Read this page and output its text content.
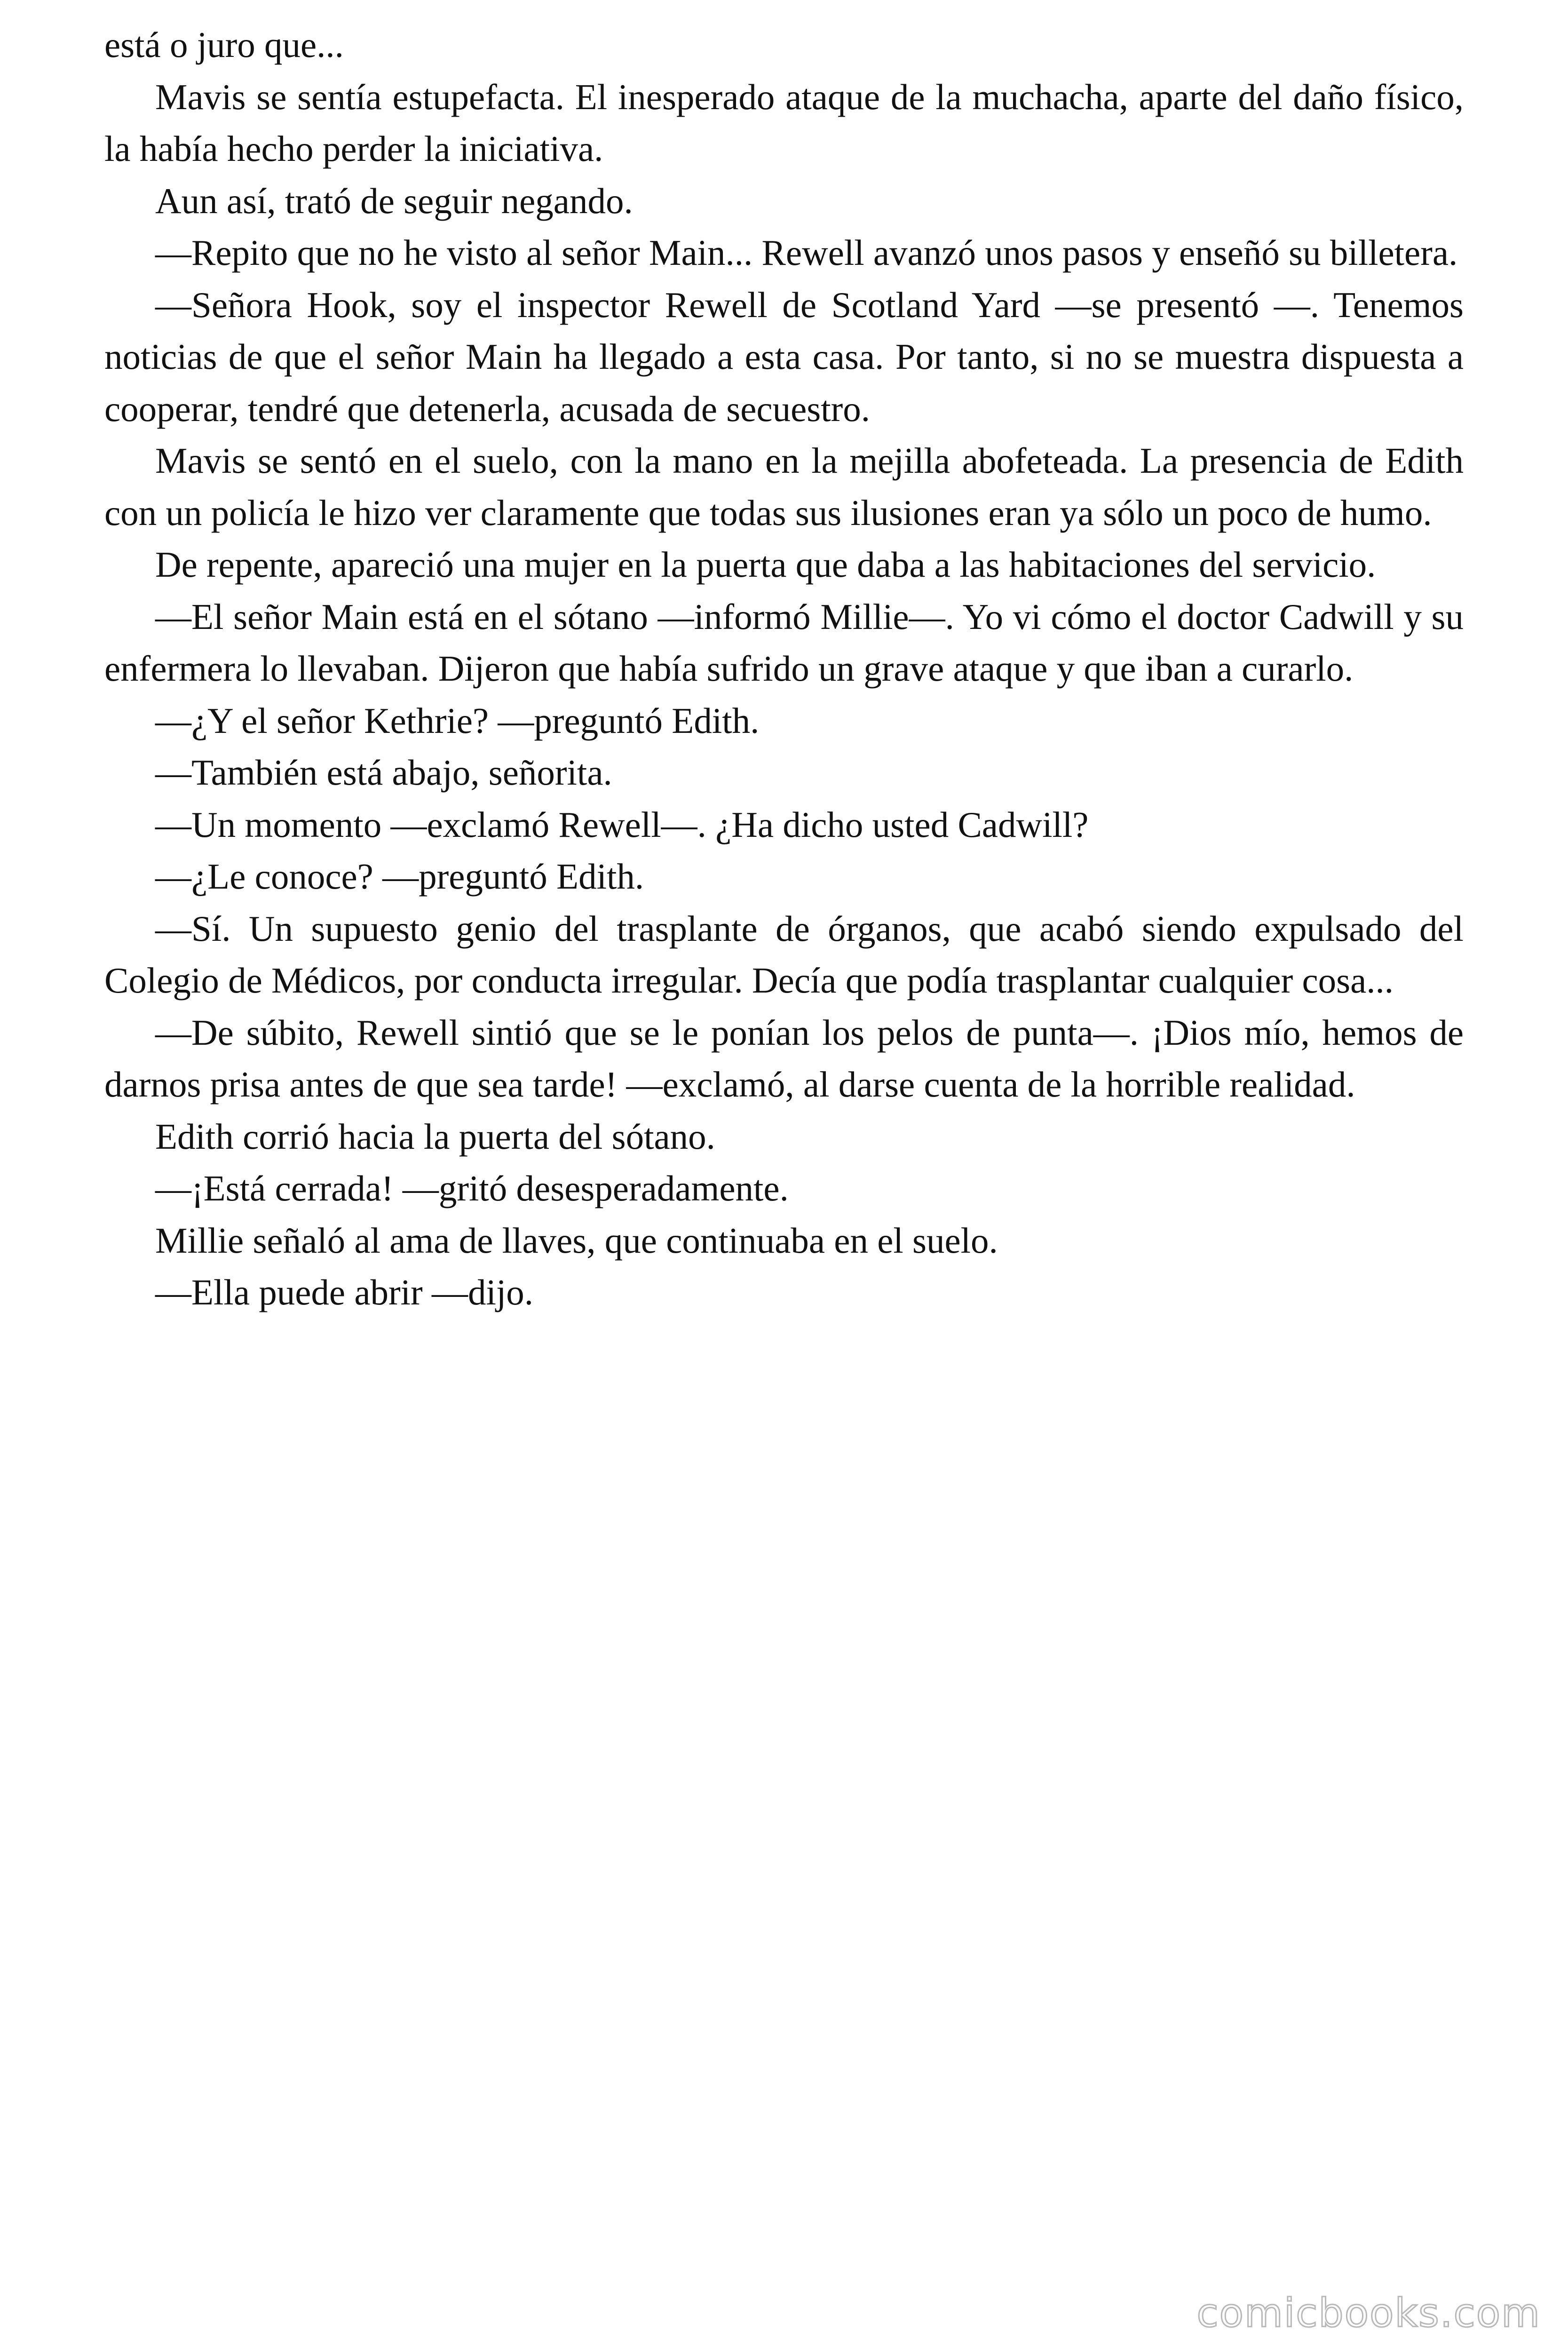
está o juro que...

Mavis se sentía estupefacta. El inesperado ataque de la muchacha, aparte del daño físico, la había hecho perder la iniciativa.

Aun así, trató de seguir negando.

—Repito que no he visto al señor Main... Rewell avanzó unos pasos y enseñó su billetera.

—Señora Hook, soy el inspector Rewell de Scotland Yard —se presentó —. Tenemos noticias de que el señor Main ha llegado a esta casa. Por tanto, si no se muestra dispuesta a cooperar, tendré que detenerla, acusada de secuestro.

Mavis se sentó en el suelo, con la mano en la mejilla abofeteada. La presencia de Edith con un policía le hizo ver claramente que todas sus ilusiones eran ya sólo un poco de humo.

De repente, apareció una mujer en la puerta que daba a las habitaciones del servicio.

—El señor Main está en el sótano —informó Millie—. Yo vi cómo el doctor Cadwill y su enfermera lo llevaban. Dijeron que había sufrido un grave ataque y que iban a curarlo.

—¿Y el señor Kethrie? —preguntó Edith.

—También está abajo, señorita.

—Un momento —exclamó Rewell—. ¿Ha dicho usted Cadwill?

—¿Le conoce? —preguntó Edith.

—Sí. Un supuesto genio del trasplante de órganos, que acabó siendo expulsado del Colegio de Médicos, por conducta irregular. Decía que podía trasplantar cualquier cosa...

—De súbito, Rewell sintió que se le ponían los pelos de punta—. ¡Dios mío, hemos de darnos prisa antes de que sea tarde! —exclamó, al darse cuenta de la horrible realidad.

Edith corrió hacia la puerta del sótano.

—¡Está cerrada! —gritó desesperadamente.

Millie señaló al ama de llaves, que continuaba en el suelo.

—Ella puede abrir —dijo.

comicbooks.com
